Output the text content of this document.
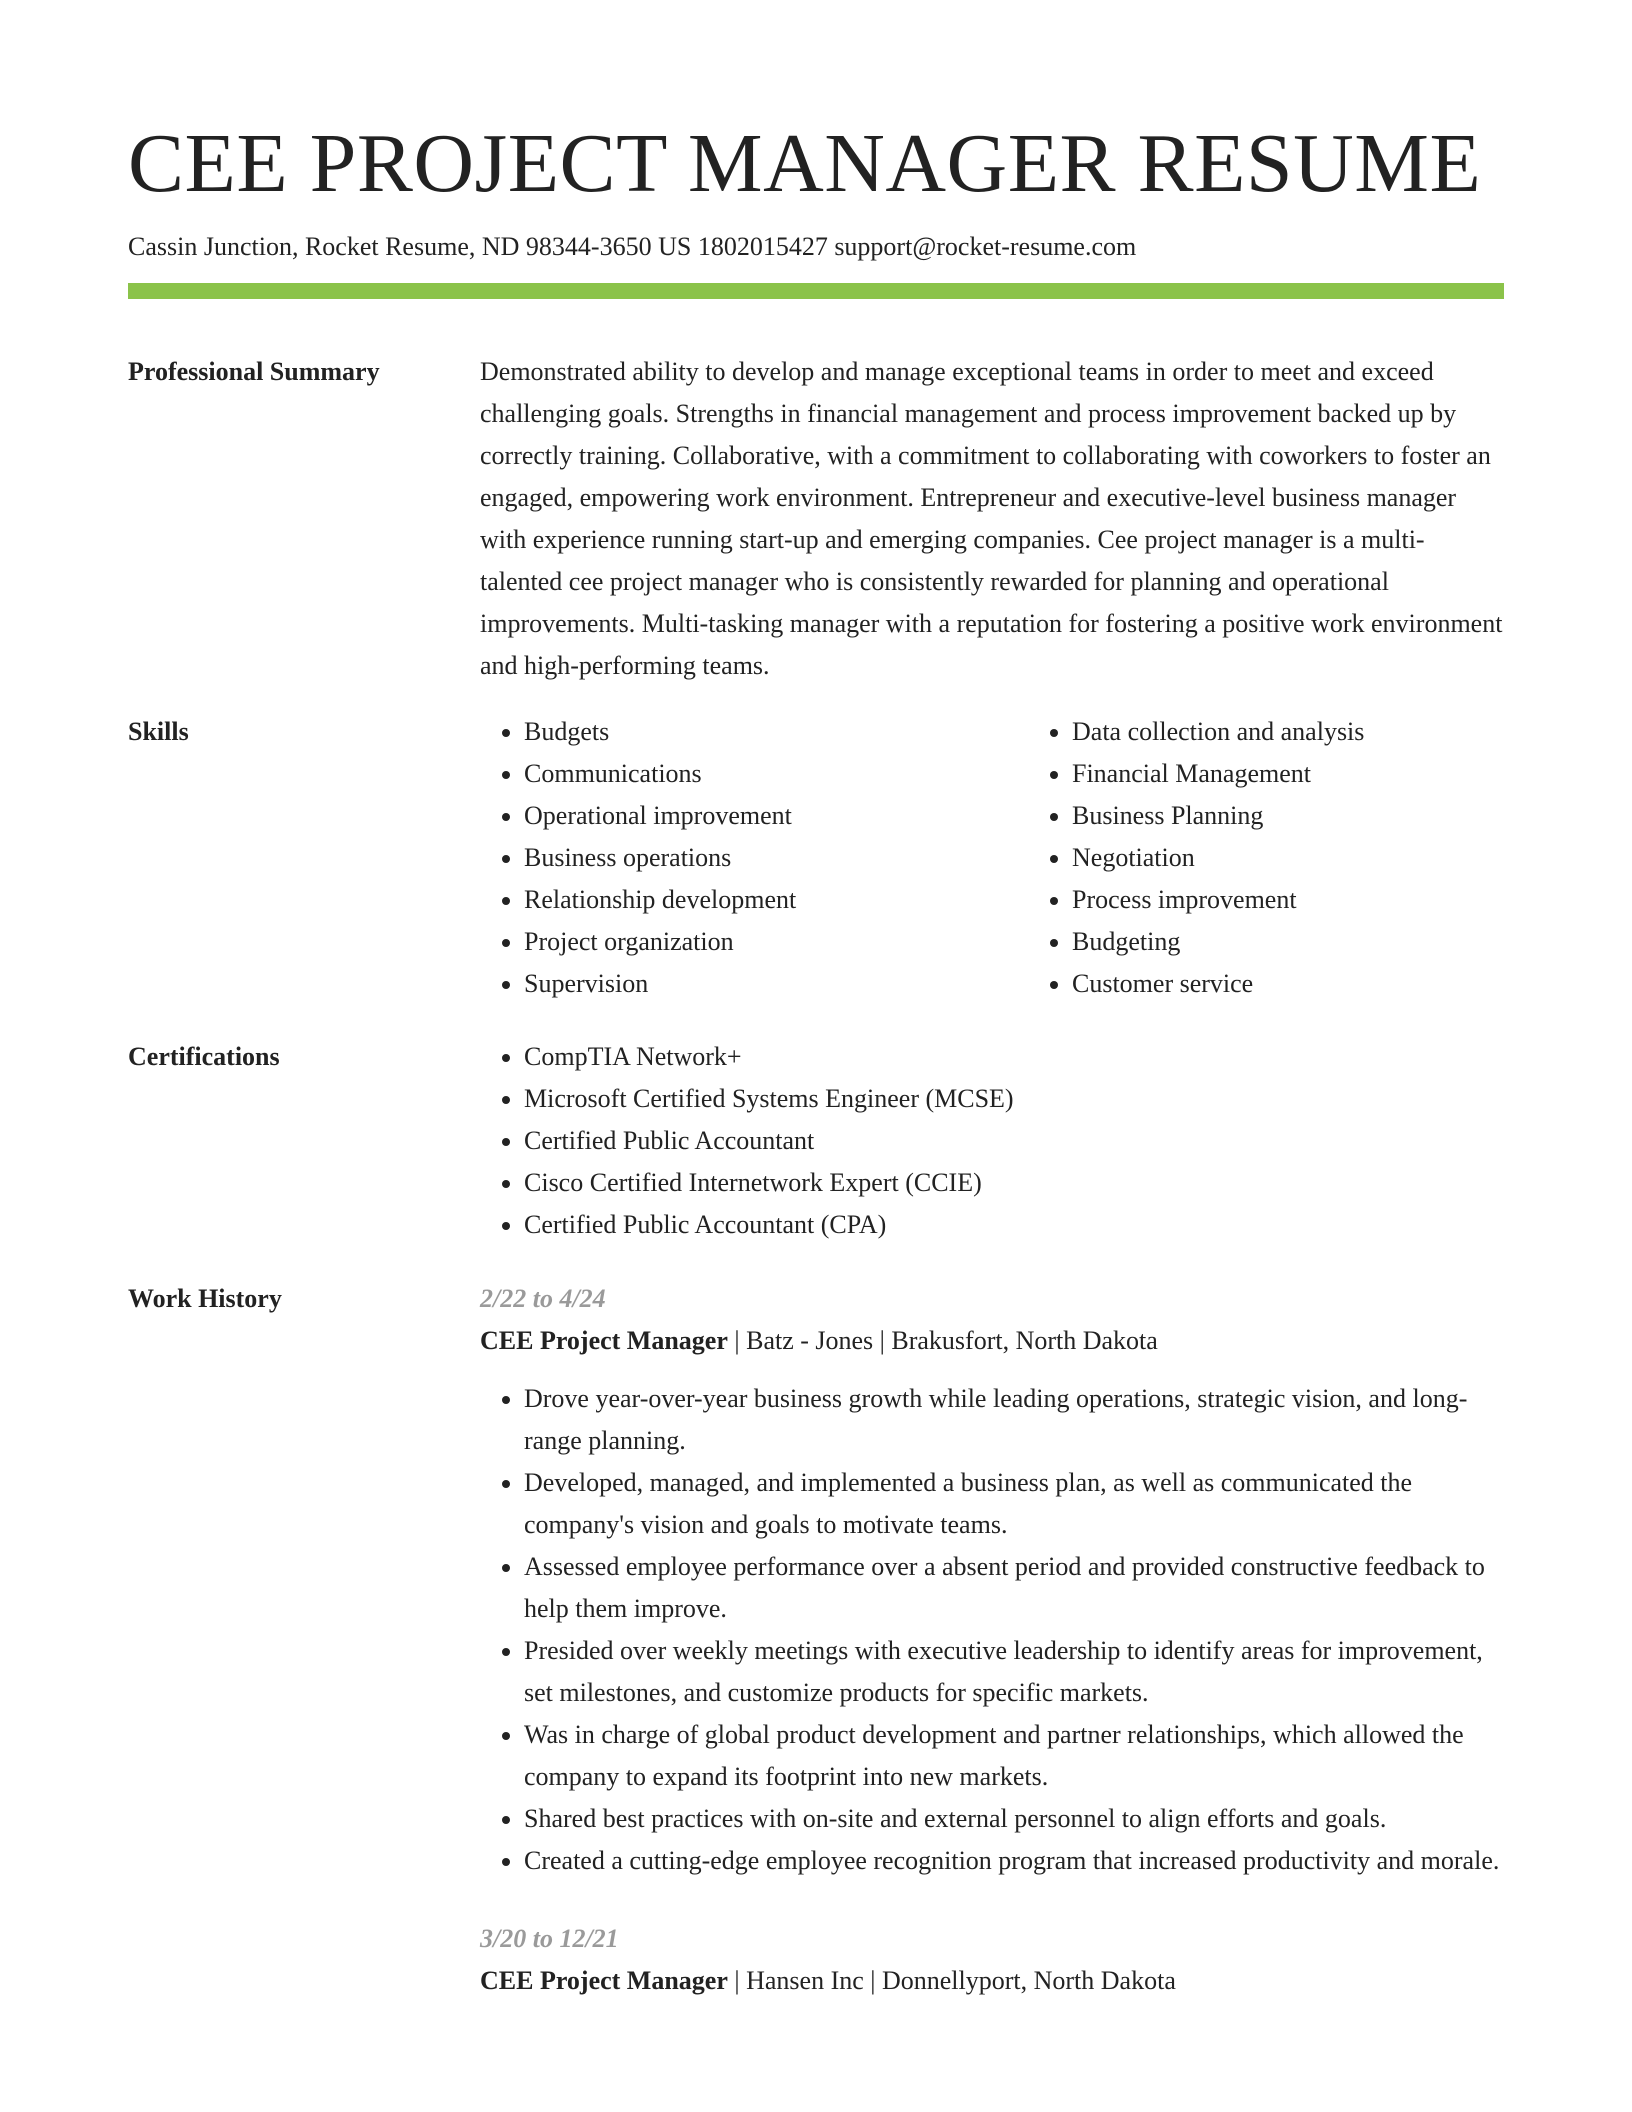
CEE PROJECT MANAGER RESUME
Cassin Junction, Rocket Resume, ND 98344-3650 US 1802015427 support@rocket-resume.com
Professional Summary	Demonstrated ability to develop and manage exceptional teams in order to meet and exceed challenging goals. Strengths in financial management and process improvement backed up by correctly training. Collaborative, with a commitment to collaborating with coworkers to foster an engaged, empowering work environment. Entrepreneur and executive-level business manager with experience running start-up and emerging companies. Cee project manager is a multi-talented cee project manager who is consistently rewarded for planning and operational improvements. Multi-tasking manager with a reputation for fostering a positive work environment and high-performing teams.

Skills	• Budgets
• Communications
• Operational improvement
• Business operations
• Relationship development
• Project organization
• Supervision
• Data collection and analysis
• Financial Management
• Business Planning
• Negotiation
• Process improvement
• Budgeting
• Customer service
Certifications	• CompTIA Network+
• Microsoft Certified Systems Engineer (MCSE)
• Certified Public Accountant
• Cisco Certified Internetwork Expert (CCIE)
• Certified Public Accountant (CPA)
Work History	2/22 to 4/24
CEE Project Manager | Batz - Jones | Brakusfort, North Dakota
• Drove year-over-year business growth while leading operations, strategic vision, and long-range planning.
• Developed, managed, and implemented a business plan, as well as communicated the company's vision and goals to motivate teams.
• Assessed employee performance over a absent period and provided constructive feedback to help them improve.
• Presided over weekly meetings with executive leadership to identify areas for improvement, set milestones, and customize products for specific markets.
• Was in charge of global product development and partner relationships, which allowed the company to expand its footprint into new markets.
• Shared best practices with on-site and external personnel to align efforts and goals.
• Created a cutting-edge employee recognition program that increased productivity and morale.
3/20 to 12/21
CEE Project Manager | Hansen Inc | Donnellyport, North Dakota
